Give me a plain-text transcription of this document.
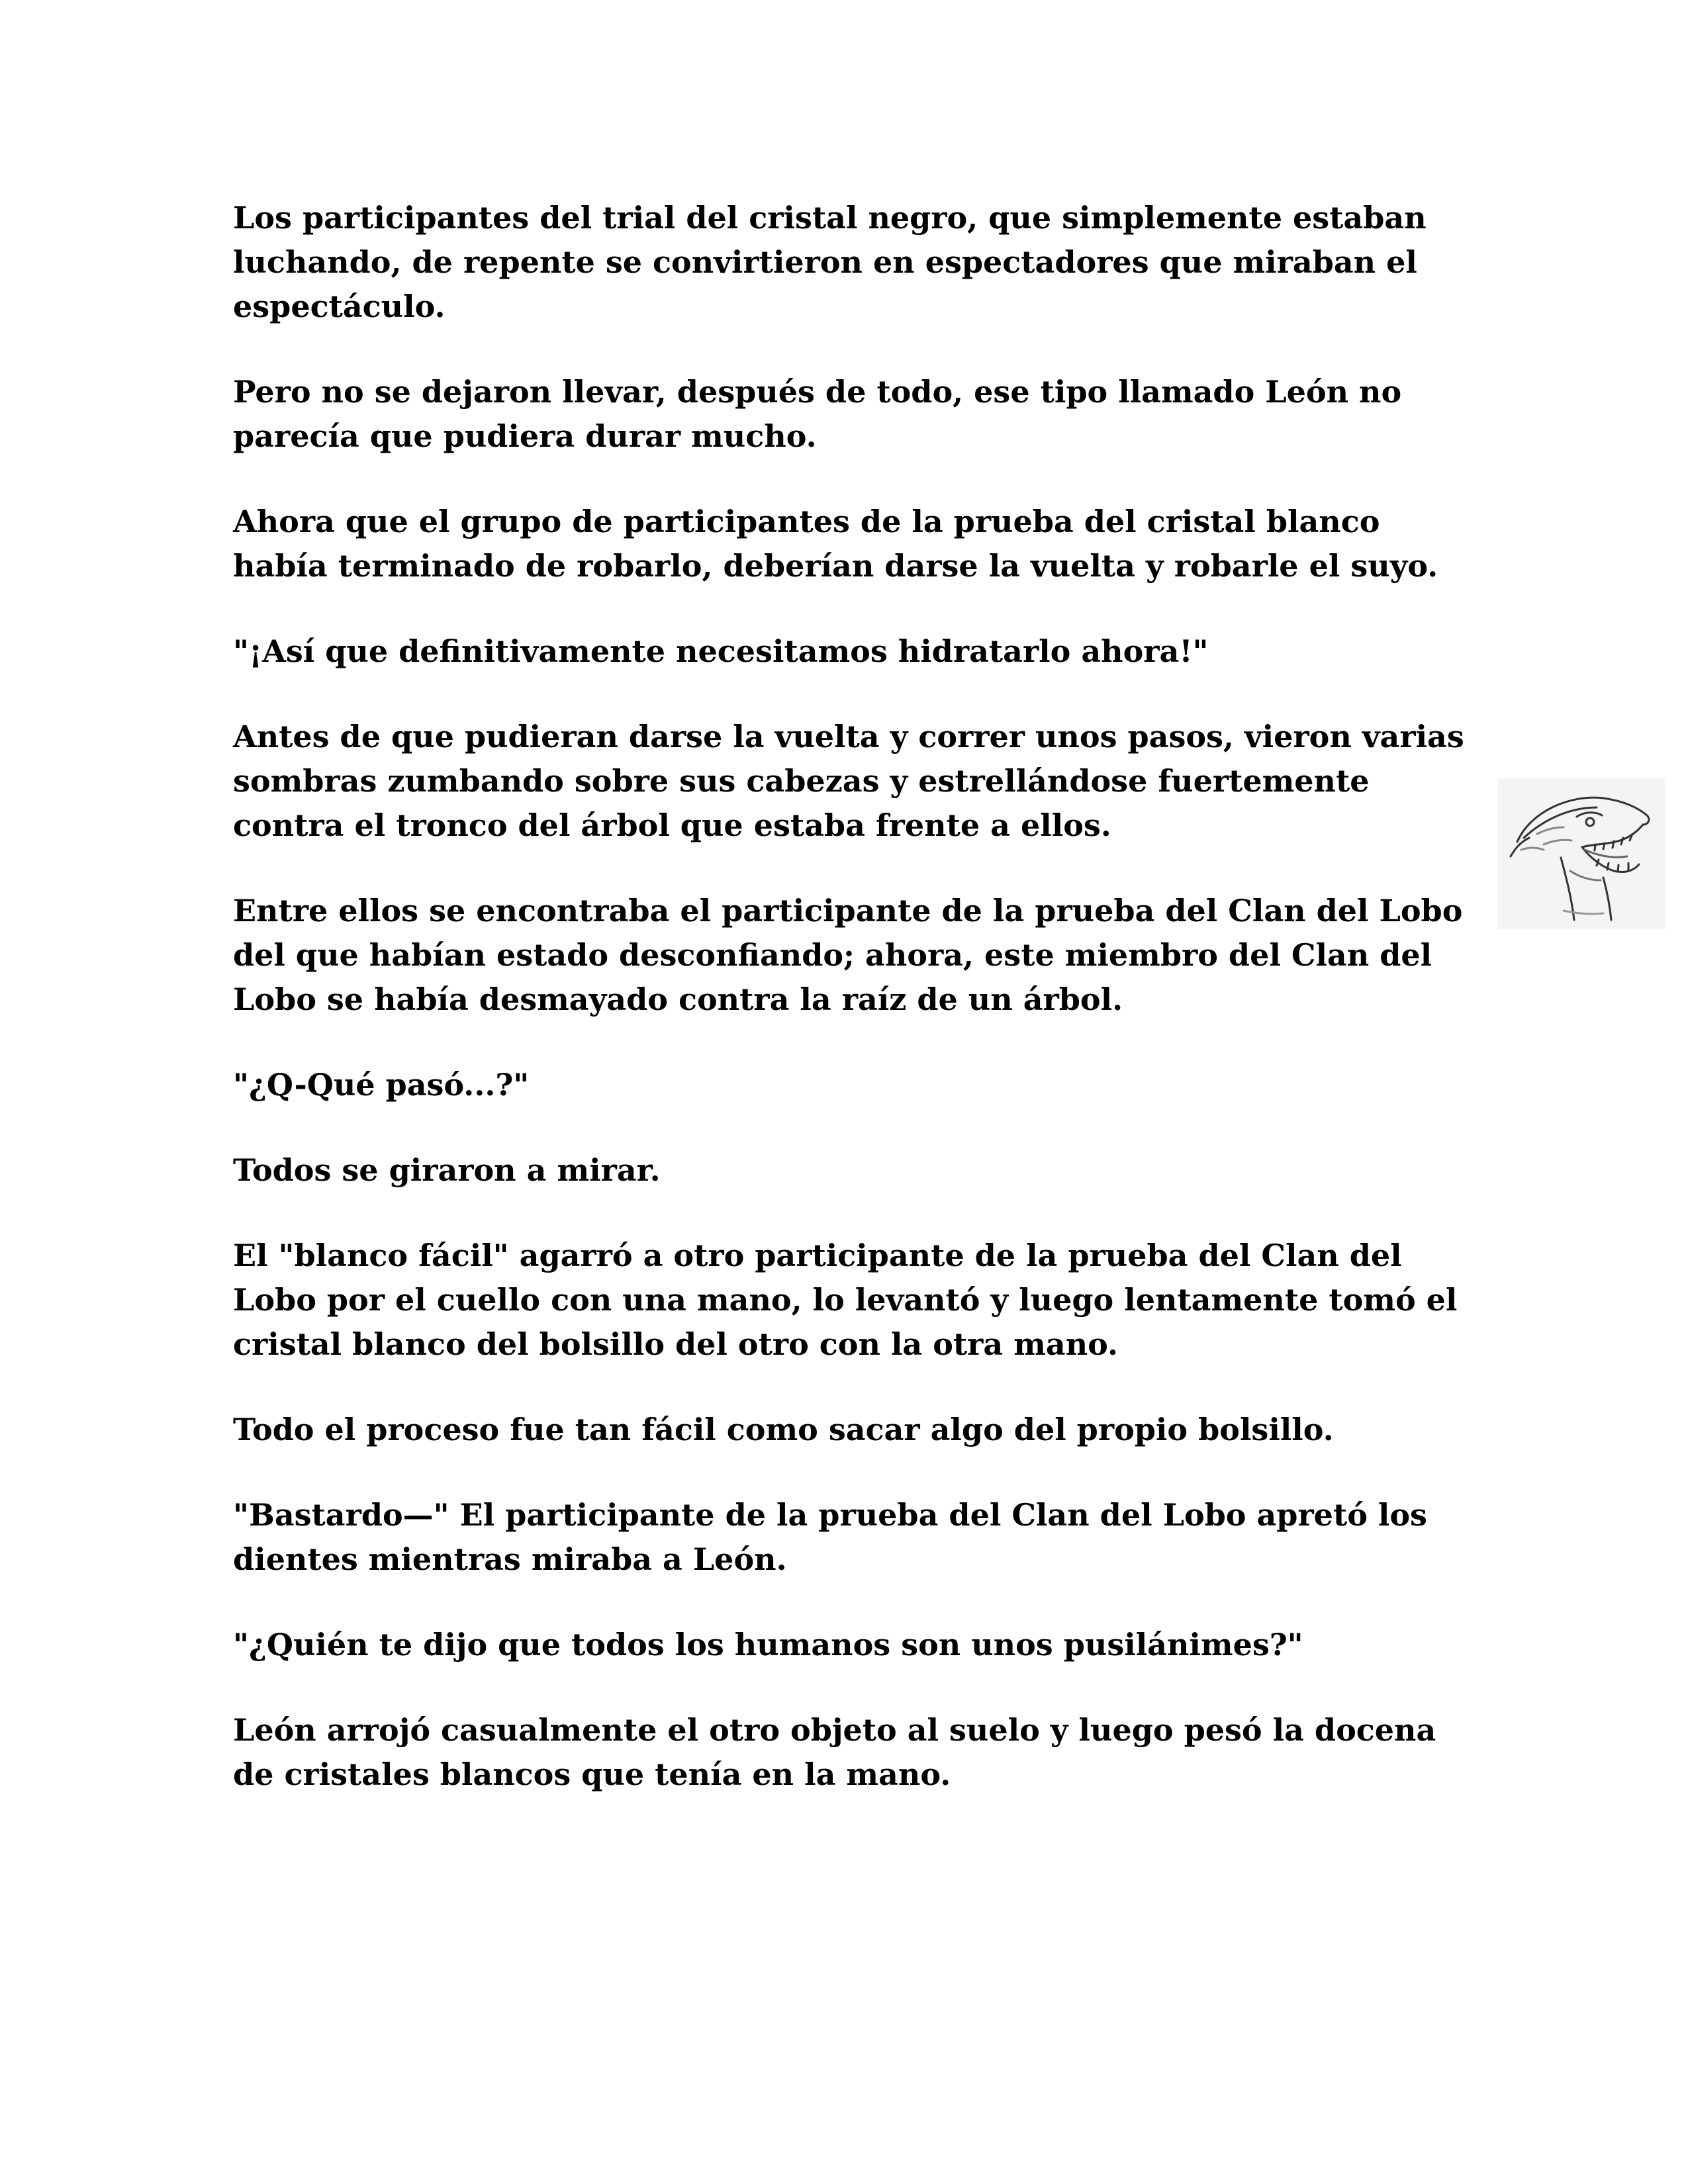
Los participantes del trial del cristal negro, que simplemente estaban luchando, de repente se convirtieron en espectadores que miraban el espectáculo.

Pero no se dejaron llevar, después de todo, ese tipo llamado León no parecía que pudiera durar mucho.

Ahora que el grupo de participantes de la prueba del cristal blanco había terminado de robarlo, deberían darse la vuelta y robarle el suyo.

"¡Así que definitivamente necesitamos hidratarlo ahora!"

Antes de que pudieran darse la vuelta y correr unos pasos, vieron varias sombras zumbando sobre sus cabezas y estrellándose fuertemente contra el tronco del árbol que estaba frente a ellos.

Entre ellos se encontraba el participante de la prueba del Clan del Lobo del que habían estado desconfiando; ahora, este miembro del Clan del Lobo se había desmayado contra la raíz de un árbol.

"¿Q-Qué pasó...?"

Todos se giraron a mirar.

El "blanco fácil" agarró a otro participante de la prueba del Clan del Lobo por el cuello con una mano, lo levantó y luego lentamente tomó el cristal blanco del bolsillo del otro con la otra mano.

Todo el proceso fue tan fácil como sacar algo del propio bolsillo.

"Bastardo—" El participante de la prueba del Clan del Lobo apretó los dientes mientras miraba a León.

"¿Quién te dijo que todos los humanos son unos pusilánimes?"

León arrojó casualmente el otro objeto al suelo y luego pesó la docena de cristales blancos que tenía en la mano.
